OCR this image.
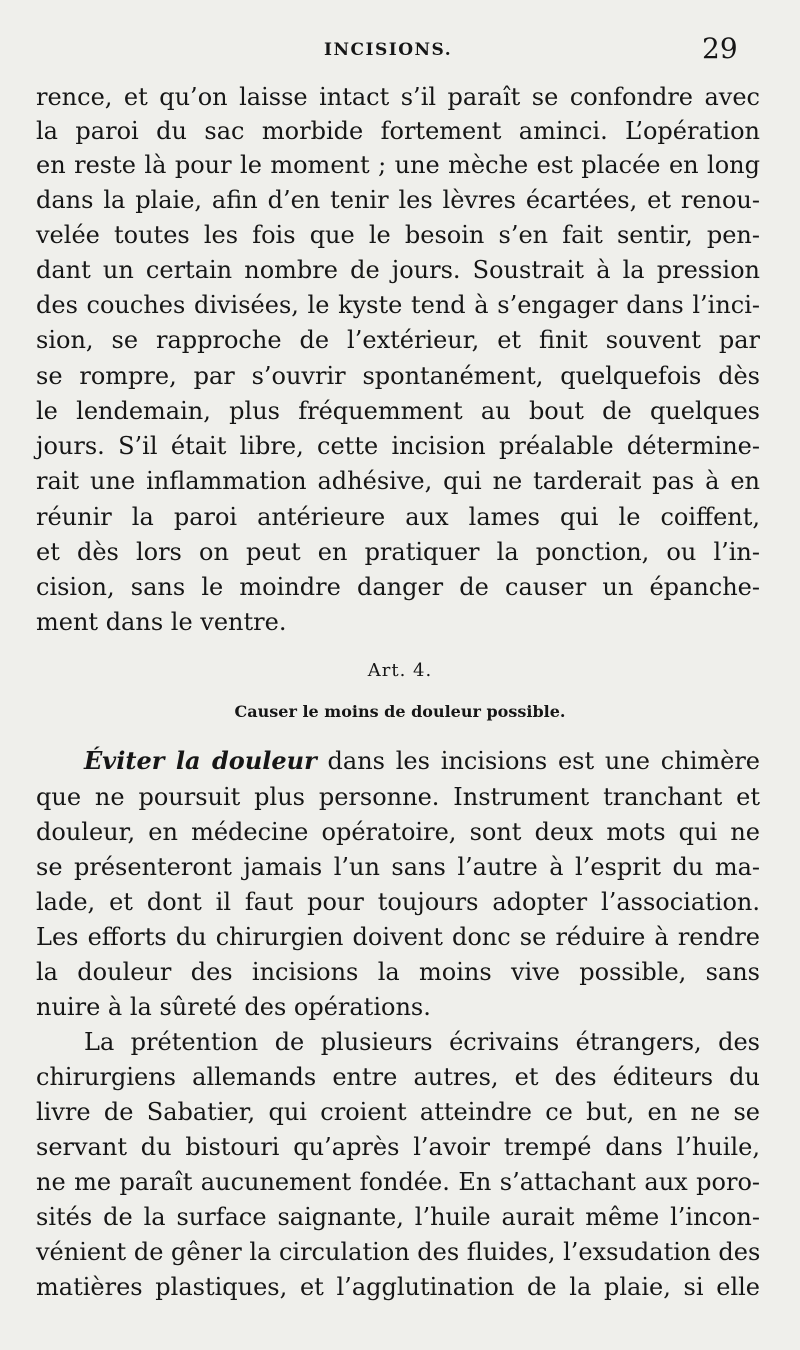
INCISIONS.	29
rence, et qu’on laisse intact s’il paraît se confondre avec
la paroi du sac morbide fortement aminci. L’opération
en reste là pour le moment ; une mèche est placée en long
dans la plaie, afin d’en tenir les lèvres écartées, et renou-
velée toutes les fois que le besoin s’en fait sentir, pen-
dant un certain nombre de jours. Soustrait à la pression
des couches divisées, le kyste tend à s’engager dans l’inci-
sion, se rapproche de l’extérieur, et finit souvent par
se rompre, par s’ouvrir spontanément, quelquefois dès
le lendemain, plus fréquemment au bout de quelques
jours. S’il était libre, cette incision préalable détermine-
rait une inflammation adhésive, qui ne tarderait pas à en
réunir la paroi antérieure aux lames qui le coiffent,
et dès lors on peut en pratiquer la ponction, ou l’in-
cision, sans le moindre danger de causer un épanche-
ment dans le ventre.
Art. 4.
Causer le moins de douleur possible.
Éviter la douleur dans les incisions est une chimère
que ne poursuit plus personne. Instrument tranchant et
douleur, en médecine opératoire, sont deux mots qui ne
se présenteront jamais l’un sans l’autre à l’esprit du ma-
lade, et dont il faut pour toujours adopter l’association.
Les efforts du chirurgien doivent donc se réduire à rendre
la douleur des incisions la moins vive possible, sans
nuire à la sûreté des opérations.
La prétention de plusieurs écrivains étrangers, des
chirurgiens allemands entre autres, et des éditeurs du
livre de Sabatier, qui croient atteindre ce but, en ne se
servant du bistouri qu’après l’avoir trempé dans l’huile,
ne me paraît aucunement fondée. En s’attachant aux poro-
sités de la surface saignante, l’huile aurait même l’incon-
vénient de gêner la circulation des fluides, l’exsudation des
matières plastiques, et l’agglutination de la plaie, si elle
